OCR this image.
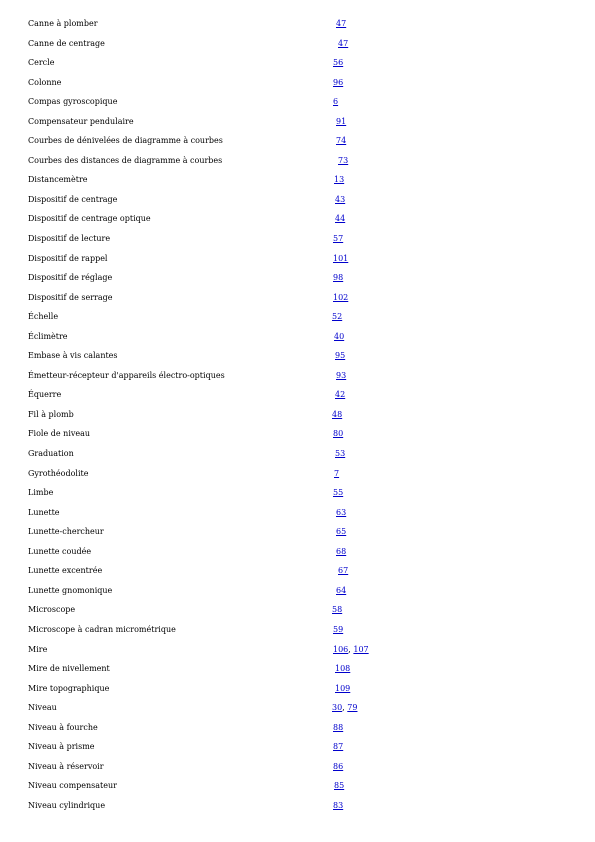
Canne à plomber	47
Canne de centrage	47
Cercle	56
Colonne	96
Compas gyroscopique	6
Compensateur pendulaire	91
Courbes de dénivelées de diagramme à courbes	74
Courbes des distances de diagramme à courbes	73
Distancemètre	13
Dispositif de centrage	43
Dispositif de centrage optique	44
Dispositif de lecture	57
Dispositif de rappel	101
Dispositif de réglage	98
Dispositif de serrage	102
Échelle	52
Éclimètre	40
Embase à vis calantes	95
Émetteur-récepteur d'appareils électro-optiques	93
Équerre	42
Fil à plomb	48
Fiole de niveau	80
Graduation	53
Gyrothéodolite	7
Limbe	55
Lunette	63
Lunette-chercheur	65
Lunette coudée	68
Lunette excentrée	67
Lunette gnomonique	64
Microscope	58
Microscope à cadran micrométrique	59
Mire	106, 107
Mire de nivellement	108
Mire topographique	109
Niveau	30, 79
Niveau à fourche	88
Niveau à prisme	87
Niveau à réservoir	86
Niveau compensateur	85
Niveau cylindrique	83
